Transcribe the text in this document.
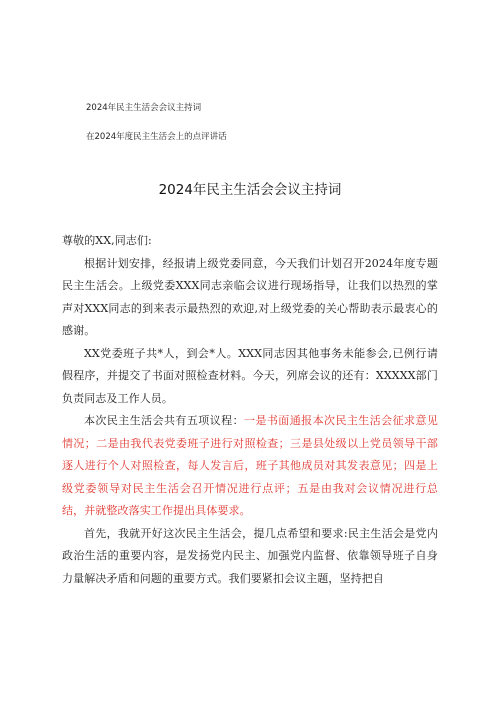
2024年民主生活会会议主持词
在2024年度民主生活会上的点评讲话
2024年民主生活会会议主持词

尊敬的XX,同志们:

根据计划安排，经报请上级党委同意，今天我们计划召开2024年度专题民主生活会。上级党委XXX同志亲临会议进行现场指导，让我们以热烈的掌声对XXX同志的到来表示最热烈的欢迎,对上级党委的关心帮助表示最衷心的感谢。

XX党委班子共*人，到会*人。XXX同志因其他事务未能参会,已例行请假程序，并提交了书面对照检查材料。今天，列席会议的还有：XXXXX部门负责同志及工作人员。

本次民主生活会共有五项议程：一是书面通报本次民主生活会征求意见情况；二是由我代表党委班子进行对照检查；三是县处级以上党员领导干部逐人进行个人对照检查，每人发言后，班子其他成员对其发表意见；四是上级党委领导对民主生活会召开情况进行点评；五是由我对会议情况进行总结，并就整改落实工作提出具体要求。

首先，我就开好这次民主生活会，提几点希望和要求:民主生活会是党内政治生活的重要内容，是发扬党内民主、加强党内监督、依靠领导班子自身力量解决矛盾和问题的重要方式。我们要紧扣会议主题，坚持把自
